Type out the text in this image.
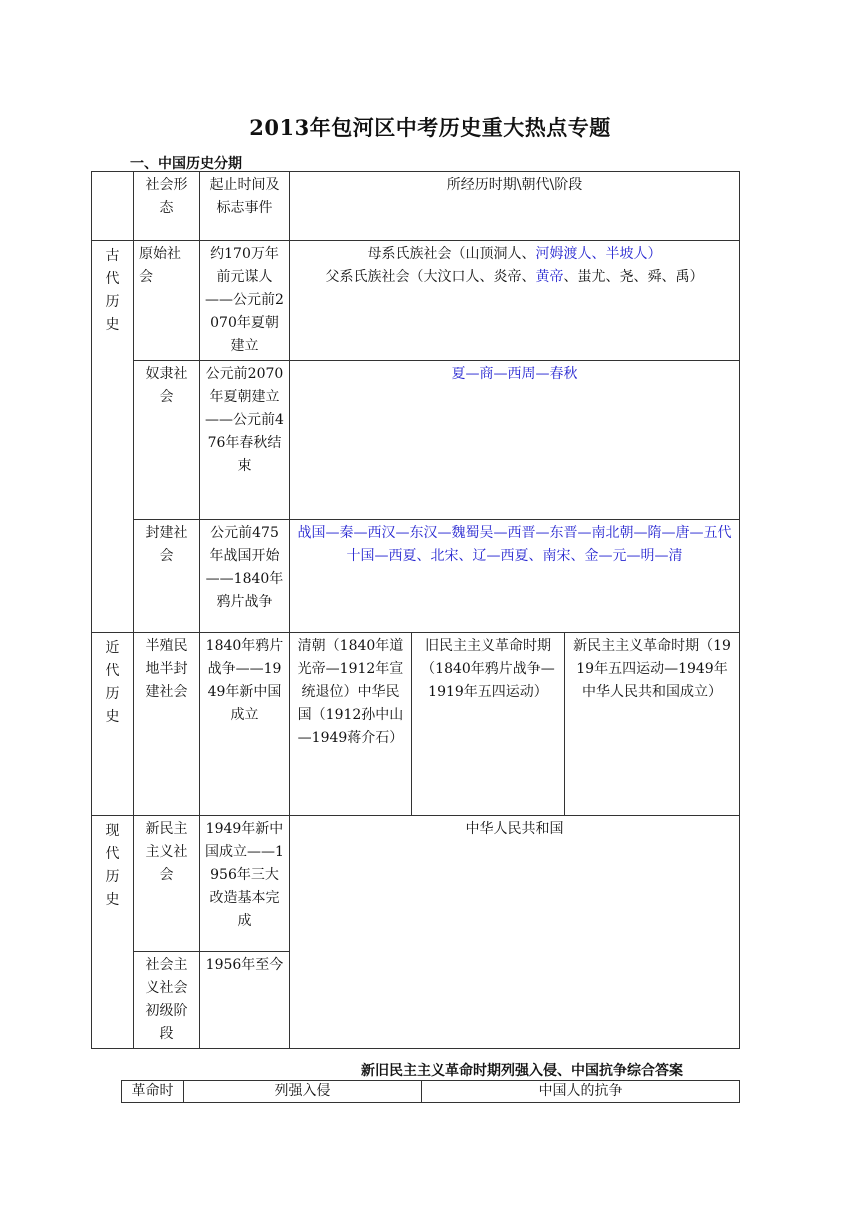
2013年包河区中考历史重大热点专题
一、中国历史分期
	社会形态	起止时间及标志事件	所经历时期\朝代\阶段		
古代历史	原始社会	约170万年前元谋人——公元前2070年夏朝建立	母系氏族社会（山顶洞人、河姆渡人、半坡人）
父系氏族社会（大汶口人、炎帝、黄帝、蚩尤、尧、舜、禹）		

	奴隶社会	公元前2070年夏朝建立——公元前476年春秋结束	夏—商—西周—春秋		
	封建社会	公元前475年战国开始——1840年鸦片战争	战国—秦—西汉—东汉—魏蜀吴—西晋—东晋—南北朝—隋—唐—五代十国—西夏、北宋、辽—西夏、南宋、金—元—明—清		
近代历史	半殖民地半封建社会	1840年鸦片战争——1949年新中国成立	清朝（1840年道光帝—1912年宣统退位）中华民国（1912孙中山—1949蒋介石）	旧民主主义革命时期（1840年鸦片战争—1919年五四运动）	新民主主义革命时期（1919年五四运动—1949年中华人民共和国成立）
现代历史	新民主主义社会	1949年新中国成立——1956年三大改造基本完成	中华人民共和国		
	社会主义社会初级阶段	1956年至今			
新旧民主主义革命时期列强入侵、中国抗争综合答案
革命时	列强入侵	中国人的抗争
